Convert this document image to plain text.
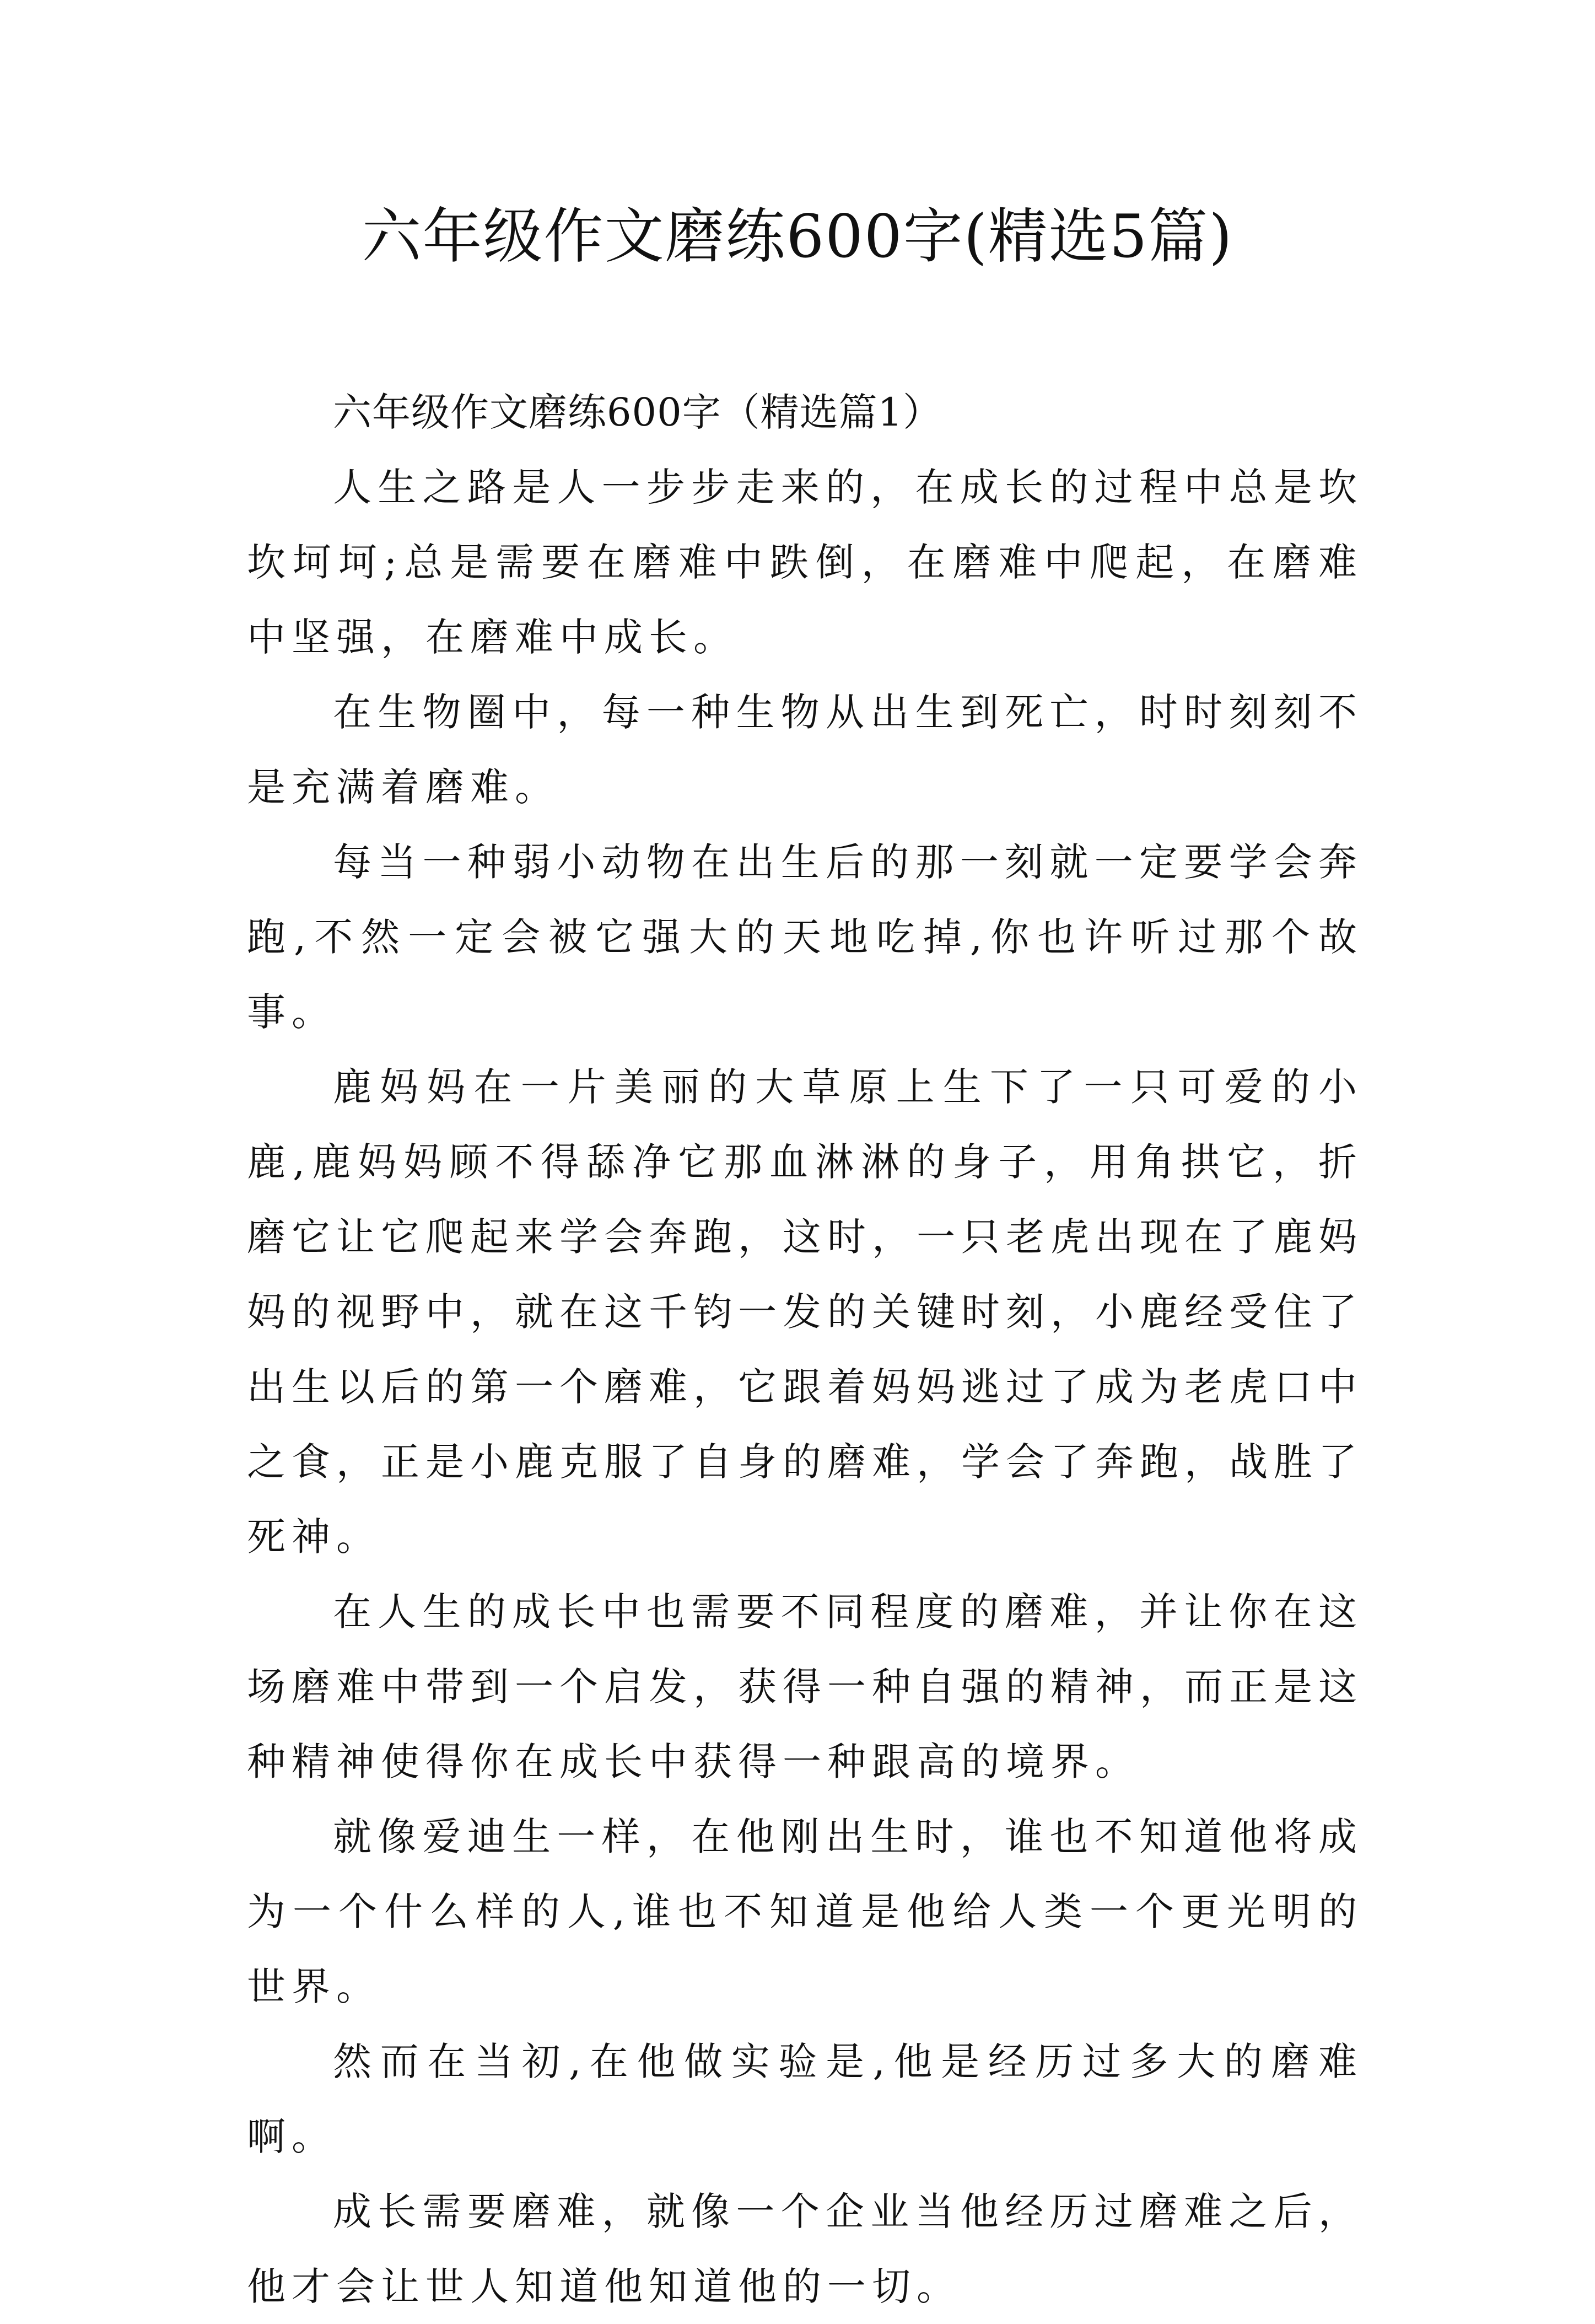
六年级作文磨练600字(精选5篇)
六年级作文磨练600字（精选篇1）

人生之路是人一步步走来的，在成长的过程中总是坎坎坷坷;总是需要在磨难中跌倒，在磨难中爬起，在磨难中坚强，在磨难中成长。

在生物圈中，每一种生物从出生到死亡，时时刻刻不是充满着磨难。

每当一种弱小动物在出生后的那一刻就一定要学会奔跑,不然一定会被它强大的天地吃掉,你也许听过那个故事。

鹿妈妈在一片美丽的大草原上生下了一只可爱的小鹿,鹿妈妈顾不得舔净它那血淋淋的身子，用角拱它，折磨它让它爬起来学会奔跑，这时，一只老虎出现在了鹿妈妈的视野中，就在这千钧一发的关键时刻，小鹿经受住了出生以后的第一个磨难，它跟着妈妈逃过了成为老虎口中之食，正是小鹿克服了自身的磨难，学会了奔跑，战胜了死神。

在人生的成长中也需要不同程度的磨难，并让你在这场磨难中带到一个启发，获得一种自强的精神，而正是这种精神使得你在成长中获得一种跟高的境界。

就像爱迪生一样，在他刚出生时，谁也不知道他将成为一个什么样的人,谁也不知道是他给人类一个更光明的世界。

然而在当初,在他做实验是,他是经历过多大的磨难啊。

成长需要磨难，就像一个企业当他经历过磨难之后，他才会让世人知道他知道他的一切。
